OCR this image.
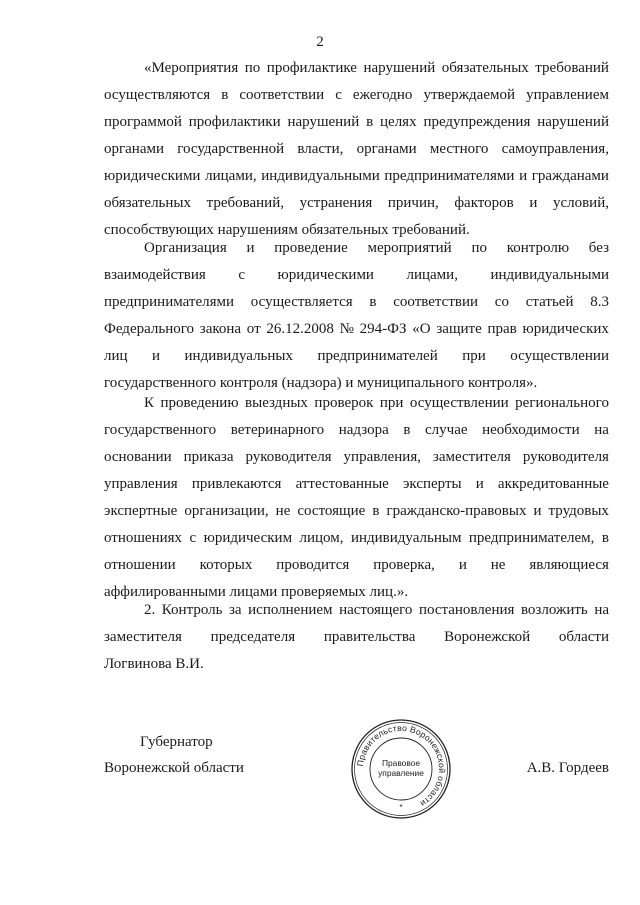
2
«Мероприятия по профилактике нарушений обязательных требований
осуществляются в соответствии с ежегодно утверждаемой управлением
программой профилактики нарушений в целях предупреждения нарушений
органами государственной власти, органами местного самоуправления,
юридическими лицами, индивидуальными предпринимателями и гражданами
обязательных требований, устранения причин, факторов и условий,
способствующих нарушениям обязательных требований.
Организация и проведение мероприятий по контролю без
взаимодействия с юридическими лицами, индивидуальными
предпринимателями осуществляется в соответствии со статьей 8.3
Федерального закона от 26.12.2008 № 294-ФЗ «О защите прав юридических
лиц и индивидуальных предпринимателей при осуществлении
государственного контроля (надзора) и муниципального контроля».
К проведению выездных проверок при осуществлении регионального
государственного ветеринарного надзора в случае необходимости на
основании приказа руководителя управления, заместителя руководителя
управления привлекаются аттестованные эксперты и аккредитованные
экспертные организации, не состоящие в гражданско-правовых и трудовых
отношениях с юридическим лицом, индивидуальным предпринимателем, в
отношении которых проводится проверка, и не являющиеся
аффилированными лицами проверяемых лиц.».
2. Контроль за исполнением настоящего постановления возложить на
заместителя председателя правительства Воронежской области
Логвинова В.И.
Губернатор
Воронежской области	А.В. Гордеев
Правительство Воронежской области
Правовое
управление
*
